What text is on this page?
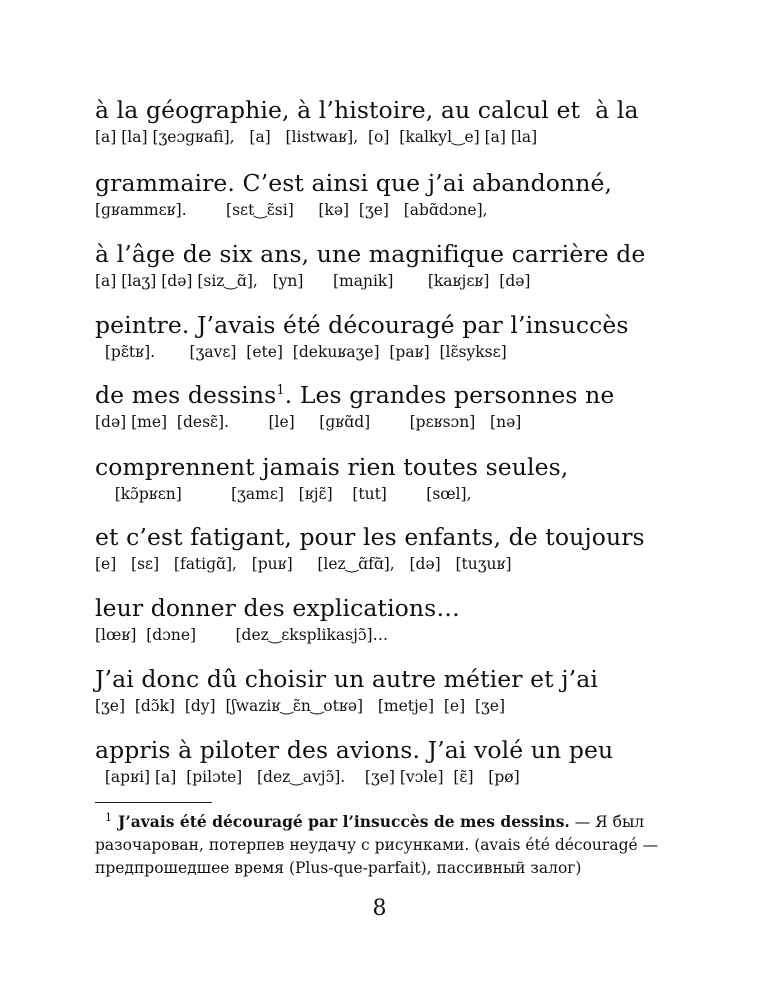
à la géographie, à l’histoire, au calcul et  à la
[a] [la] [ʒeɔɡʁafi],   [a]   [listwaʁ],  [o]  [kalkyl‿e] [a] [la]
grammaire. C’est ainsi que j’ai abandonné,
[ɡʁammɛʁ].        [sɛt‿ɛ̃si]     [kə]  [ʒe]   [abɑ̃dɔne],
à l’âge de six ans, une magnifique carrière de
[a] [laʒ] [də] [siz‿ɑ̃],   [yn]      [maɲik]       [kaʁjɛʁ]  [də]
peintre. J’avais été découragé par l’insuccès
[pɛ̃tʁ].       [ʒavɛ]  [ete]  [dekuʁaʒe]  [paʁ]  [lɛ̃syksɛ]
de mes dessins$^1$. Les grandes personnes ne
[də] [me]  [desɛ̃].        [le]     [ɡʁɑ̃d]        [pɛʁsɔn]   [nə]
comprennent jamais rien toutes seules,
[kɔ̃pʁɛn]          [ʒamɛ]   [ʁjɛ̃]    [tut]        [sœl],
et c’est fatigant, pour les enfants, de toujours
[e]   [sɛ]   [fatiɡɑ̃],   [puʁ]     [lez‿ɑ̃fɑ̃],   [də]   [tuʒuʁ]
leur donner des explications…
[lœʁ]  [dɔne]        [dez‿ɛksplikasjɔ̃]…
J’ai donc dû choisir un autre métier et j’ai
[ʒe]  [dɔ̃k]  [dy]  [ʃwaziʁ‿ɛ̃n‿otʁə]   [metje]  [e]  [ʒe]
appris à piloter des avions. J’ai volé un peu
[apʁi] [a]  [pilɔte]   [dez‿avjɔ̃].    [ʒe] [vɔle]  [ɛ̃]   [pø]
$^1$ J’avais été découragé par l’insuccès de mes dessins. — Я был разочарован, потерпев неудачу с рисунками. (avais été découragé — предпрошедшее время (Plus-que-parfait), пассивный залог)
8
